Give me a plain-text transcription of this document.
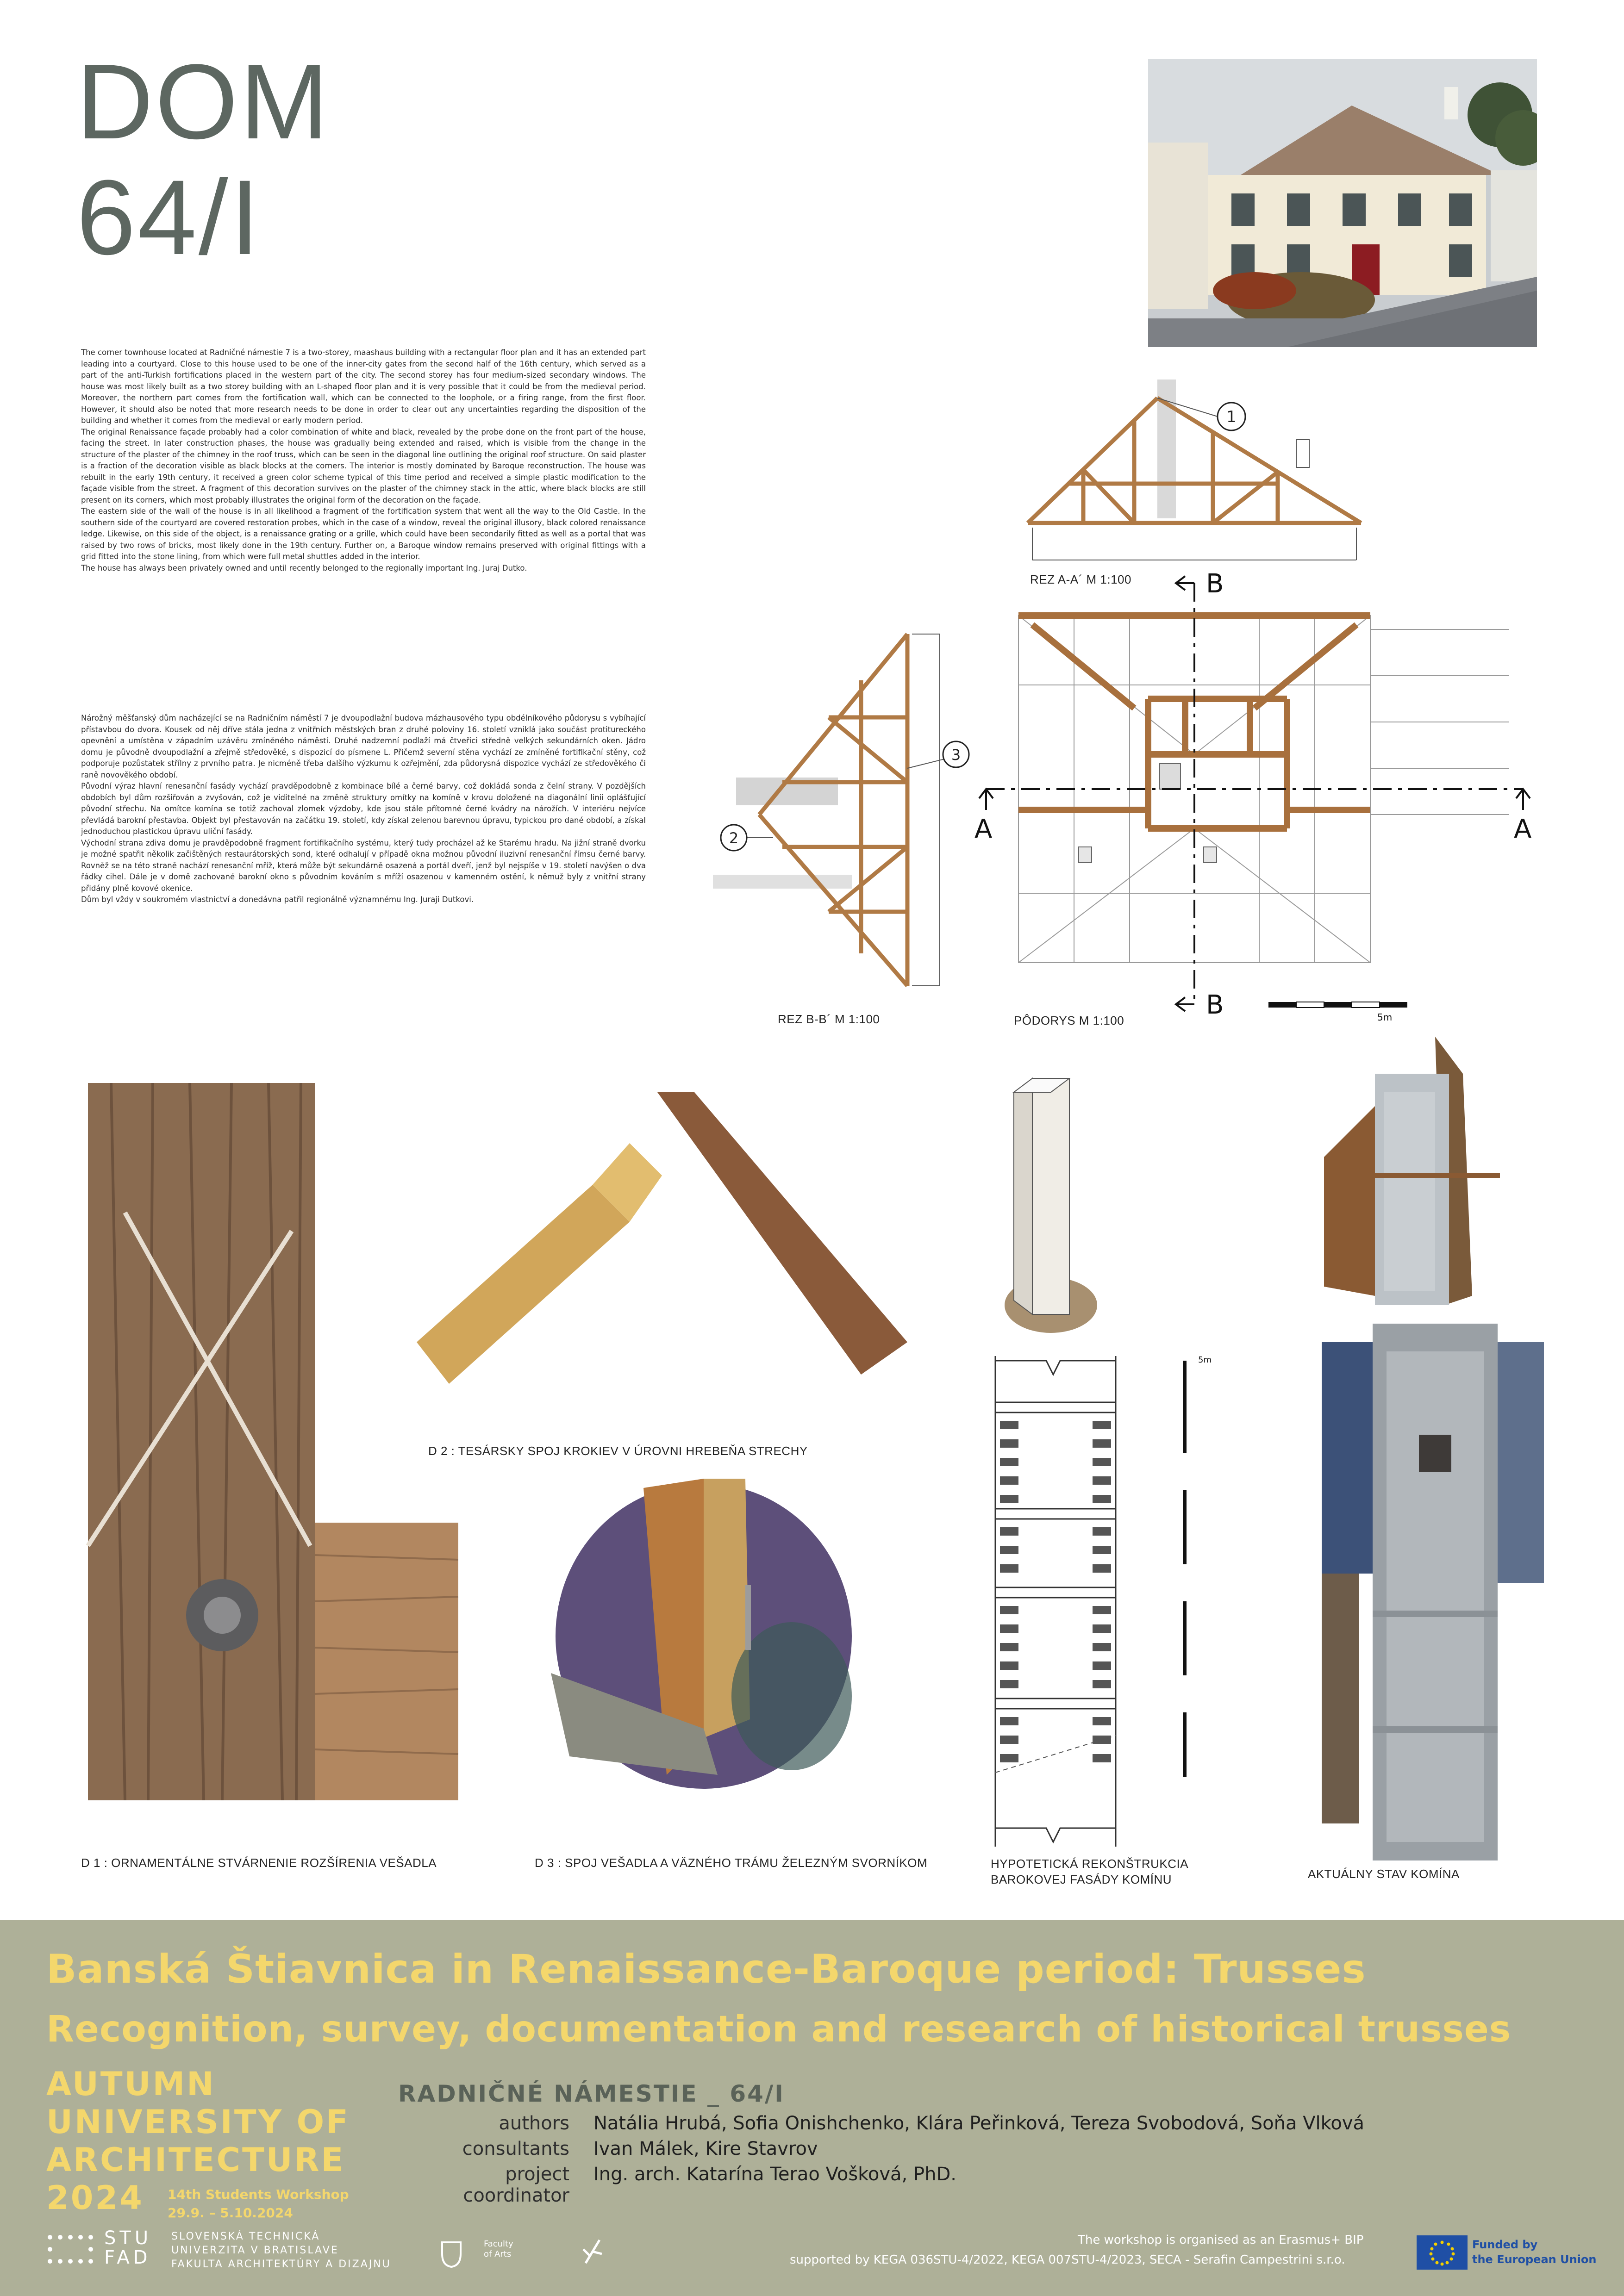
DOM
64/I
The corner townhouse located at Radničné námestie 7 is a two-storey, maashaus building with a rectangular floor plan and it has an extended part leading into a courtyard. Close to this house used to be one of the inner-city gates from the second half of the 16th century, which served as a part of the anti-Turkish fortifications placed in the western part of the city. The second storey has four medium-sized secondary windows. The house was most likely built as a two storey building with an L-shaped floor plan and it is very possible that it could be from the medieval period. Moreover, the northern part comes from the fortification wall, which can be connected to the loophole, or a firing range, from the first floor. However, it should also be noted that more research needs to be done in order to clear out any uncertainties regarding the disposition of the building and whether it comes from the medieval or early modern period.
The original Renaissance façade probably had a color combination of white and black, revealed by the probe done on the front part of the house, facing the street. In later construction phases, the house was gradually being extended and raised, which is visible from the change in the structure of the plaster of the chimney in the roof truss, which can be seen in the diagonal line outlining the original roof structure. On said plaster is a fraction of the decoration visible as black blocks at the corners. The interior is mostly dominated by Baroque reconstruction. The house was rebuilt in the early 19th century, it received a green color scheme typical of this time period and received a simple plastic modification to the façade visible from the street. A fragment of this decoration survives on the plaster of the chimney stack in the attic, where black blocks are still present on its corners, which most probably illustrates the original form of the decoration on the façade.
The eastern side of the wall of the house is in all likelihood a fragment of the fortification system that went all the way to the Old Castle. In the southern side of the courtyard are covered restoration probes, which in the case of a window, reveal the original illusory, black colored renaissance ledge. Likewise, on this side of the object, is a renaissance grating or a grille, which could have been secondarily fitted as well as a portal that was raised by two rows of bricks, most likely done in the 19th century. Further on, a Baroque window remains preserved with original fittings with a grid fitted into the stone lining, from which were full metal shuttles added in the interior.
The house has always been privately owned and until recently belonged to the regionally important Ing. Juraj Dutko.
Nárožný měšťanský dům nacházející se na Radničním náměstí 7 je dvoupodlažní budova mázhausového typu obdélníkového půdorysu s vybíhající přístavbou do dvora. Kousek od něj dříve stála jedna z vnitřních městských bran z druhé poloviny 16. století vzniklá jako součást protitureckého opevnění a umístěna v západním uzávěru zmíněného náměstí. Druhé nadzemní podlaží má čtveřici středně velkých sekundárních oken. Jádro domu je původně dvoupodlažní a zřejmě středověké, s dispozicí do písmene L. Přičemž severní stěna vychází ze zmíněné fortifikační stěny, což podporuje pozůstatek střílny z prvního patra. Je nicméně třeba dalšího výzkumu k ozřejmění, zda půdorysná dispozice vychází ze středověkého či raně novověkého období.
Původní výraz hlavní renesanční fasády vychází pravděpodobně z kombinace bílé a černé barvy, což dokládá sonda z čelní strany. V pozdějších obdobích byl dům rozšiřován a zvyšován, což je viditelné na změně struktury omítky na komíně v krovu doložené na diagonální linii oplášťující původní střechu. Na omítce komína se totiž zachoval zlomek výzdoby, kde jsou stále přítomné černé kvádry na nárožích. V interiéru nejvíce převládá barokní přestavba. Objekt byl přestavován na začátku 19. století, kdy získal zelenou barevnou úpravu, typickou pro dané období, a získal jednoduchou plastickou úpravu uliční fasády.
Východní strana zdiva domu je pravděpodobně fragment fortifikačního systému, který tudy procházel až ke Starému hradu. Na jižní straně dvorku je možné spatřit několik začištěných restaurátorských sond, které odhalují v případě okna možnou původní iluzivní renesanční římsu černé barvy. Rovněž se na této straně nachází renesanční mříž, která může být sekundárně osazená a portál dveří, jenž byl nejspíše v 19. století navýšen o dva řádky cihel. Dále je v domě zachované barokní okno s původním kováním s mříží osazenou v kamenném ostění, k němuž byly z vnitřní strany přidány plně kovové okenice.
Dům byl vždy v soukromém vlastnictví a donedávna patřil regionálně významnému Ing. Juraji Dutkovi.
1
REZ A-A´ M 1:100
3
2
REZ B-B´ M 1:100
A	A
B
B	5m
PÔDORYS M 1:100
D 1 : ORNAMENTÁLNE STVÁRNENIE ROZŠÍRENIA VEŠADLA
D 2 : TESÁRSKY SPOJ KROKIEV V ÚROVNI HREBEŇA STRECHY
D 3 : SPOJ VEŠADLA A VÄZNÉHO TRÁMU ŽELEZNÝM SVORNÍKOM
5m
HYPOTETICKÁ REKONŠTRUKCIA
BAROKOVEJ FASÁDY KOMÍNU	AKTUÁLNY STAV KOMÍNA
Banská Štiavnica in Renaissance-Baroque period: Trusses
Recognition, survey, documentation and research of historical trusses
AUTUMN
UNIVERSITY OF
ARCHITECTURE
2024	14th Students Workshop
29.9. – 5.10.2024
RADNIČNÉ NÁMESTIE _ 64/I
authors Natália Hrubá, Sofia Onishchenko, Klára Peřinková, Tereza Svobodová, Soňa Vlková
consultants Ivan Málek, Kire Stavrov
project coordinator
Ing. arch. Katarína Terao Vošková, PhD.
STU
FAD
SLOVENSKÁ TECHNICKÁ
UNIVERZITA V BRATISLAVE
FAKULTA ARCHITEKTÚRY A DIZAJNU
Faculty
of Arts
The workshop is organised as an Erasmus+ BIP
supported by KEGA 036STU-4/2022, KEGA 007STU-4/2023, SECA - Serafin Campestrini s.r.o.
Funded by
the European Union
